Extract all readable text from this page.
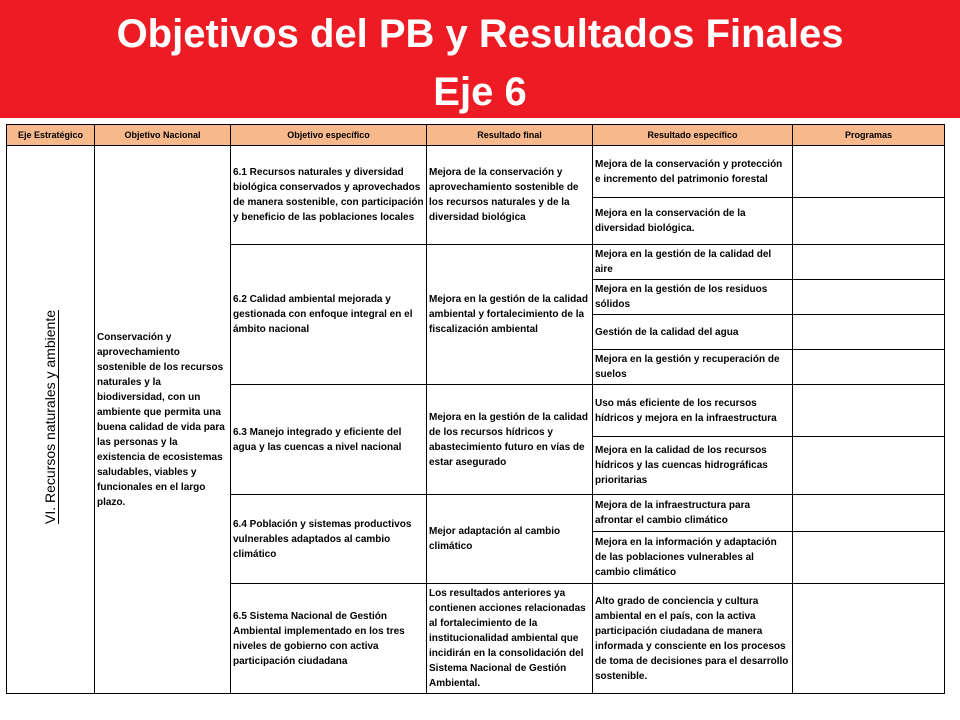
Objetivos del PB y Resultados Finales
Eje 6
Eje Estratégico	Objetivo Nacional	Objetivo específico	Resultado final	Resultado específico	Programas
VI. Recursos naturales y ambiente	Conservación y aprovechamiento sostenible de los recursos naturales y la biodiversidad, con un ambiente que permita una buena calidad de vida para las personas y la existencia de ecosistemas saludables, viables y funcionales en el largo plazo.	6.1 Recursos naturales y diversidad biológica conservados y aprovechados de manera sostenible, con participación y beneficio de las poblaciones locales	Mejora de la conservación y aprovechamiento sostenible de los recursos naturales y de la diversidad biológica	Mejora de la conservación y protección e incremento del patrimonio forestal	

				Mejora en la conservación de la diversidad biológica.	

		6.2 Calidad ambiental mejorada y gestionada con enfoque integral en el ámbito nacional	Mejora en la gestión de la calidad ambiental y fortalecimiento de la fiscalización ambiental	Mejora en la gestión de la calidad del aire	

				Mejora en la gestión de los residuos sólidos	

				Gestión de la calidad del agua	

				Mejora en la gestión y recuperación de suelos	

		6.3 Manejo integrado y eficiente del agua y las cuencas a nivel nacional	Mejora en la gestión de la calidad de los recursos hídricos y abastecimiento futuro en vías de estar asegurado	Uso más eficiente de los recursos hídricos y mejora en la infraestructura	

				Mejora en la calidad de los recursos hídricos y las cuencas hidrográficas prioritarias	

		6.4 Población y sistemas productivos vulnerables adaptados al cambio climático	Mejor adaptación al cambio climático	Mejora de la infraestructura para afrontar el cambio climático	

				Mejora en la información y adaptación de las poblaciones vulnerables al cambio climático	

		6.5 Sistema Nacional de Gestión Ambiental implementado en los tres niveles de gobierno con activa participación ciudadana	Los resultados anteriores ya contienen acciones relacionadas al fortalecimiento de la institucionalidad ambiental que incidirán en la consolidación del Sistema Nacional de Gestión Ambiental.	Alto grado de conciencia y cultura ambiental en el país, con la activa participación ciudadana de manera informada y consciente en los procesos de toma de decisiones para el desarrollo sostenible.	
